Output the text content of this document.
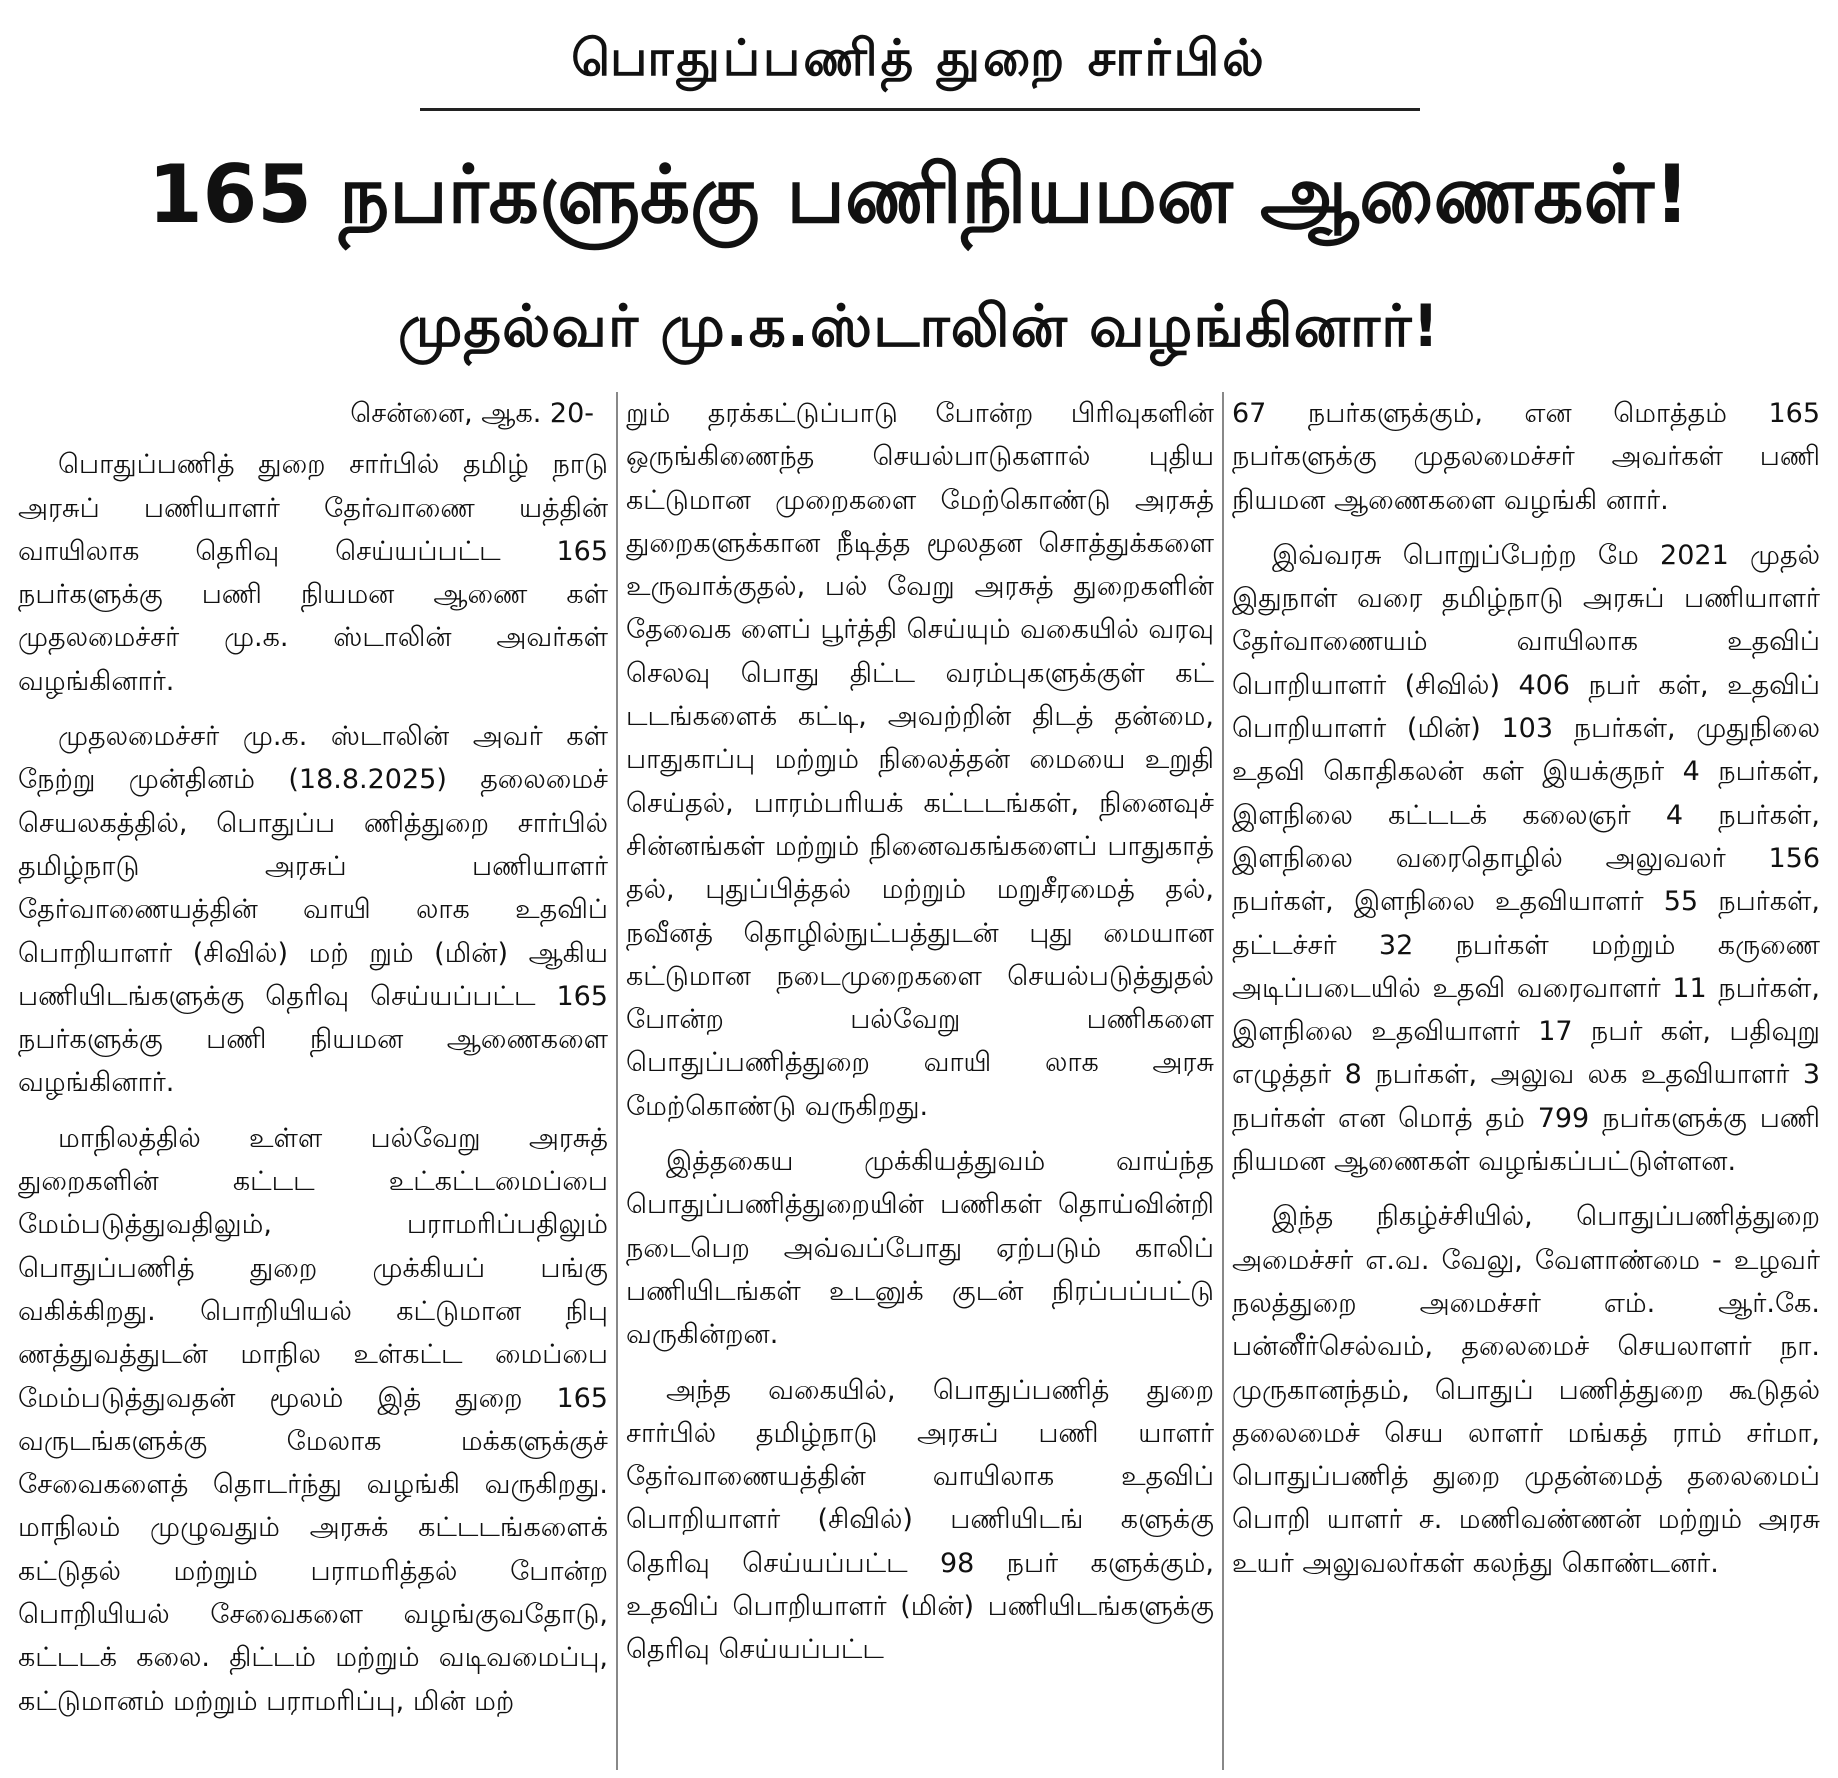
பொதுப்பணித் துறை சார்பில்
165 நபர்களுக்கு பணிநியமன ஆணைகள்!
முதல்வர் மு.க.ஸ்டாலின் வழங்கினார்!
சென்னை, ஆக. 20-

பொதுப்பணித் துறை சார்பில் தமிழ் நாடு அரசுப் பணியாளர் தேர்வாணை யத்தின் வாயிலாக தெரிவு செய்யப்பட்ட 165 நபர்களுக்கு பணி நியமன ஆணை கள் முதலமைச்சர் மு.க. ஸ்டாலின் அவர்கள் வழங்கினார்.

முதலமைச்சர் மு.க. ஸ்டாலின் அவர் கள் நேற்று முன்தினம் (18.8.2025) தலைமைச் செயலகத்தில், பொதுப்ப ணித்துறை சார்பில் தமிழ்நாடு அரசுப் பணியாளர் தேர்வாணையத்தின் வாயி லாக உதவிப் பொறியாளர் (சிவில்) மற் றும் (மின்) ஆகிய பணியிடங்களுக்கு தெரிவு செய்யப்பட்ட 165 நபர்களுக்கு பணி நியமன ஆணைகளை வழங்கினார்.

மாநிலத்தில் உள்ள பல்வேறு அரசுத் துறைகளின் கட்டட உட்கட்டமைப்பை மேம்படுத்துவதிலும், பராமரிப்பதிலும் பொதுப்பணித் துறை முக்கியப் பங்கு வகிக்கிறது. பொறியியல் கட்டுமான நிபு ணத்துவத்துடன் மாநில உள்கட்ட மைப்பை மேம்படுத்துவதன் மூலம் இத் துறை 165 வருடங்களுக்கு மேலாக மக்களுக்குச் சேவைகளைத் தொடர்ந்து வழங்கி வருகிறது. மாநிலம் முழுவதும் அரசுக் கட்டடங்களைக் கட்டுதல் மற்றும் பராமரித்தல் போன்ற பொறியியல் சேவைகளை வழங்குவதோடு, கட்டடக் கலை. திட்டம் மற்றும் வடிவமைப்பு, கட்டுமானம் மற்றும் பராமரிப்பு, மின் மற்

றும் தரக்கட்டுப்பாடு போன்ற பிரிவுகளின் ஒருங்கிணைந்த செயல்பாடுகளால் புதிய கட்டுமான முறைகளை மேற்கொண்டு அரசுத் துறைகளுக்கான நீடித்த மூலதன சொத்துக்களை உருவாக்குதல், பல் வேறு அரசுத் துறைகளின் தேவைக ளைப் பூர்த்தி செய்யும் வகையில் வரவு செலவு பொது திட்ட வரம்புகளுக்குள் கட் டடங்களைக் கட்டி, அவற்றின் திடத் தன்மை, பாதுகாப்பு மற்றும் நிலைத்தன் மையை உறுதி செய்தல், பாரம்பரியக் கட்டடங்கள், நினைவுச் சின்னங்கள் மற்றும் நினைவகங்களைப் பாதுகாத் தல், புதுப்பித்தல் மற்றும் மறுசீரமைத் தல், நவீனத் தொழில்நுட்பத்துடன் புது மையான கட்டுமான நடைமுறைகளை செயல்படுத்துதல் போன்ற பல்வேறு பணிகளை பொதுப்பணித்துறை வாயி லாக அரசு மேற்கொண்டு வருகிறது.

இத்தகைய முக்கியத்துவம் வாய்ந்த பொதுப்பணித்துறையின் பணிகள் தொய்வின்றி நடைபெற அவ்வப்போது ஏற்படும் காலிப் பணியிடங்கள் உடனுக் குடன் நிரப்பப்பட்டு வருகின்றன.

அந்த வகையில், பொதுப்பணித் துறை சார்பில் தமிழ்நாடு அரசுப் பணி யாளர் தேர்வாணையத்தின் வாயிலாக உதவிப் பொறியாளர் (சிவில்) பணியிடங் களுக்கு தெரிவு செய்யப்பட்ட 98 நபர் களுக்கும், உதவிப் பொறியாளர் (மின்) பணியிடங்களுக்கு தெரிவு செய்யப்பட்ட

67 நபர்களுக்கும், என மொத்தம் 165 நபர்களுக்கு முதலமைச்சர் அவர்கள் பணி நியமன ஆணைகளை வழங்கி னார்.

இவ்வரசு பொறுப்பேற்ற மே 2021 முதல் இதுநாள் வரை தமிழ்நாடு அரசுப் பணியாளர் தேர்வாணையம் வாயிலாக உதவிப் பொறியாளர் (சிவில்) 406 நபர் கள், உதவிப் பொறியாளர் (மின்) 103 நபர்கள், முதுநிலை உதவி கொதிகலன் கள் இயக்குநர் 4 நபர்கள், இளநிலை கட்டடக் கலைஞர் 4 நபர்கள், இளநிலை வரைதொழில் அலுவலர் 156 நபர்கள், இளநிலை உதவியாளர் 55 நபர்கள், தட்டச்சர் 32 நபர்கள் மற்றும் கருணை அடிப்படையில் உதவி வரைவாளர் 11 நபர்கள், இளநிலை உதவியாளர் 17 நபர் கள், பதிவுறு எழுத்தர் 8 நபர்கள், அலுவ லக உதவியாளர் 3 நபர்கள் என மொத் தம் 799 நபர்களுக்கு பணி நியமன ஆணைகள் வழங்கப்பட்டுள்ளன.

இந்த நிகழ்ச்சியில், பொதுப்பணித்துறை அமைச்சர் எ.வ. வேலு, வேளாண்மை - உழவர் நலத்துறை அமைச்சர் எம். ஆர்.கே. பன்னீர்செல்வம், தலைமைச் செயலாளர் நா. முருகானந்தம், பொதுப் பணித்துறை கூடுதல் தலைமைச் செய லாளர் மங்கத் ராம் சர்மா, பொதுப்பணித் துறை முதன்மைத் தலைமைப் பொறி யாளர் ச. மணிவண்ணன் மற்றும் அரசு உயர் அலுவலர்கள் கலந்து கொண்டனர்.
